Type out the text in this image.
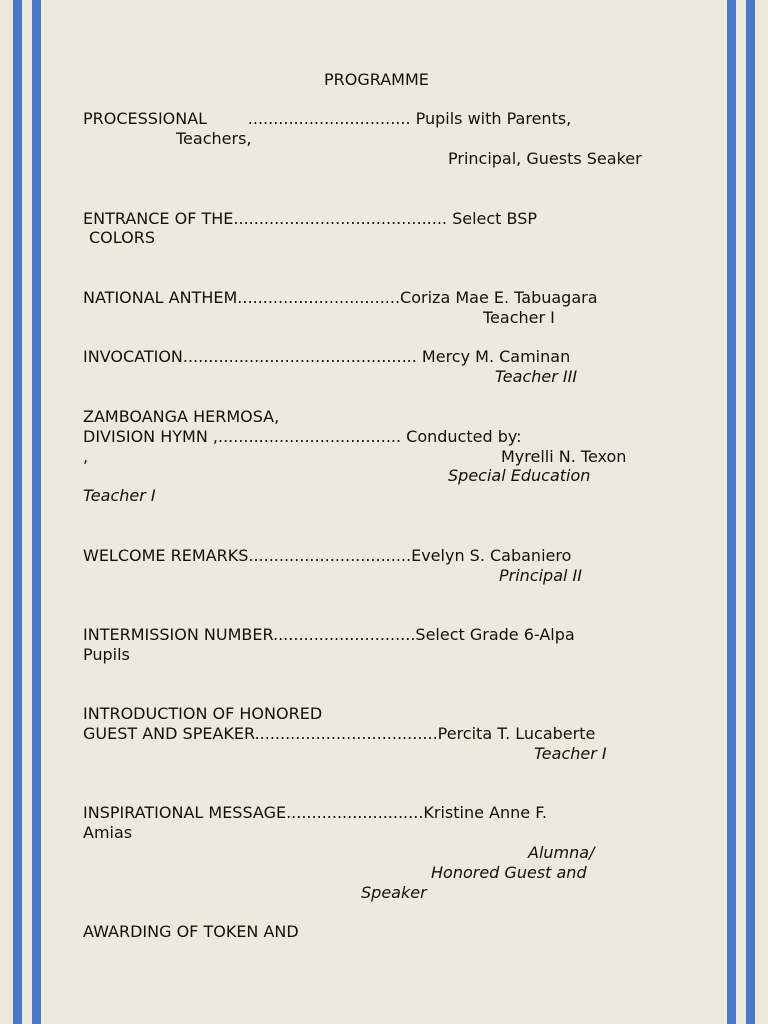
PROGRAMME
PROCESSIONAL        ................................ Pupils with Parents,
Teachers,
Principal, Guests Seaker
ENTRANCE OF THE.......................................... Select BSP
COLORS
NATIONAL ANTHEM................................Coriza Mae E. Tabuagara
Teacher I
INVOCATION.............................................. Mercy M. Caminan
Teacher III
ZAMBOANGA HERMOSA,
DIVISION HYMN ,.................................... Conducted by:
,	Myrelli N. Texon
Special Education
Teacher I
WELCOME REMARKS................................Evelyn S. Cabaniero
Principal II
INTERMISSION NUMBER............................Select Grade 6-Alpa
Pupils
INTRODUCTION OF HONORED
GUEST AND SPEAKER....................................Percita T. Lucaberte
Teacher I
INSPIRATIONAL MESSAGE...........................Kristine Anne F.
Amias
Alumna/
Honored Guest and
Speaker
AWARDING OF TOKEN AND
